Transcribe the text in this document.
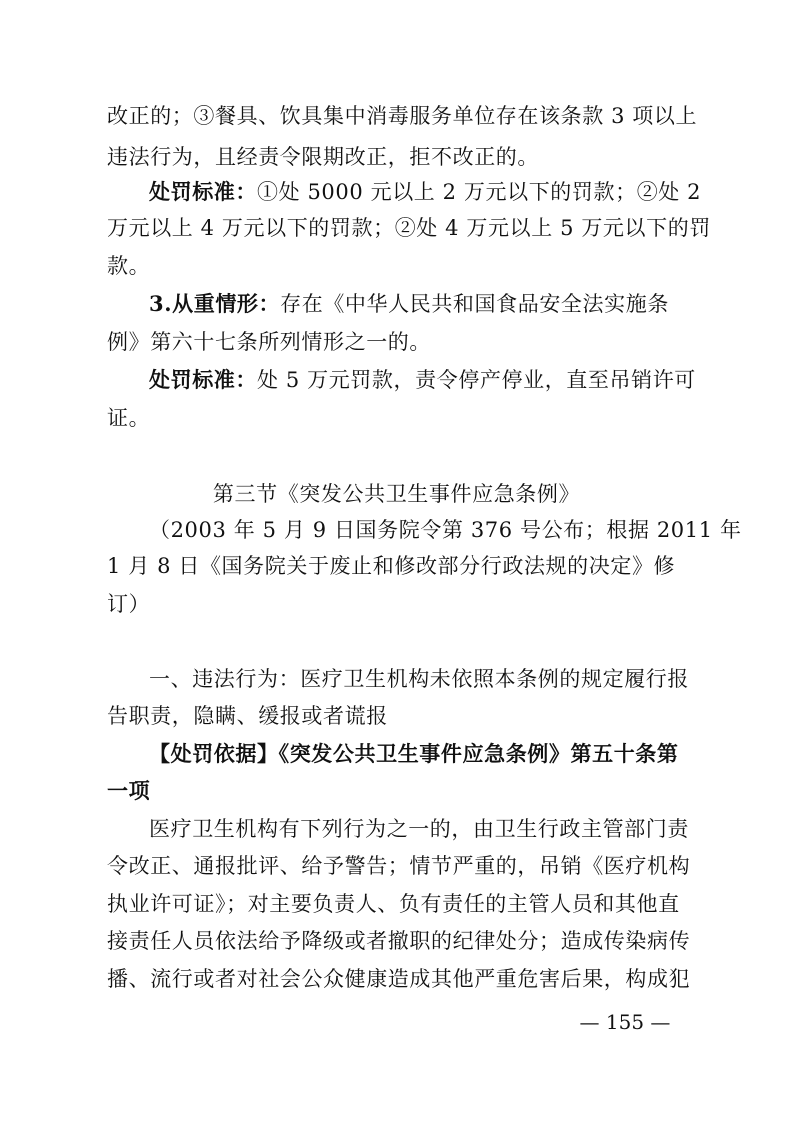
改正的；③餐具、饮具集中消毒服务单位存在该条款 3 项以上
违法行为，且经责令限期改正，拒不改正的。
处罚标准：①处 5000 元以上 2 万元以下的罚款；②处 2
万元以上 4 万元以下的罚款；②处 4 万元以上 5 万元以下的罚
款。
3.从重情形：存在《中华人民共和国食品安全法实施条
例》第六十七条所列情形之一的。
处罚标准：处 5 万元罚款，责令停产停业，直至吊销许可
证。
第三节《突发公共卫生事件应急条例》
（2003 年 5 月 9 日国务院令第 376 号公布；根据 2011 年
1 月 8 日《国务院关于废止和修改部分行政法规的决定》修
订）
一、违法行为：医疗卫生机构未依照本条例的规定履行报
告职责，隐瞒、缓报或者谎报
【处罚依据】《突发公共卫生事件应急条例》第五十条第
一项
医疗卫生机构有下列行为之一的，由卫生行政主管部门责
令改正、通报批评、给予警告；情节严重的，吊销《医疗机构
执业许可证》；对主要负责人、负有责任的主管人员和其他直
接责任人员依法给予降级或者撤职的纪律处分；造成传染病传
播、流行或者对社会公众健康造成其他严重危害后果，构成犯
— 155 —
